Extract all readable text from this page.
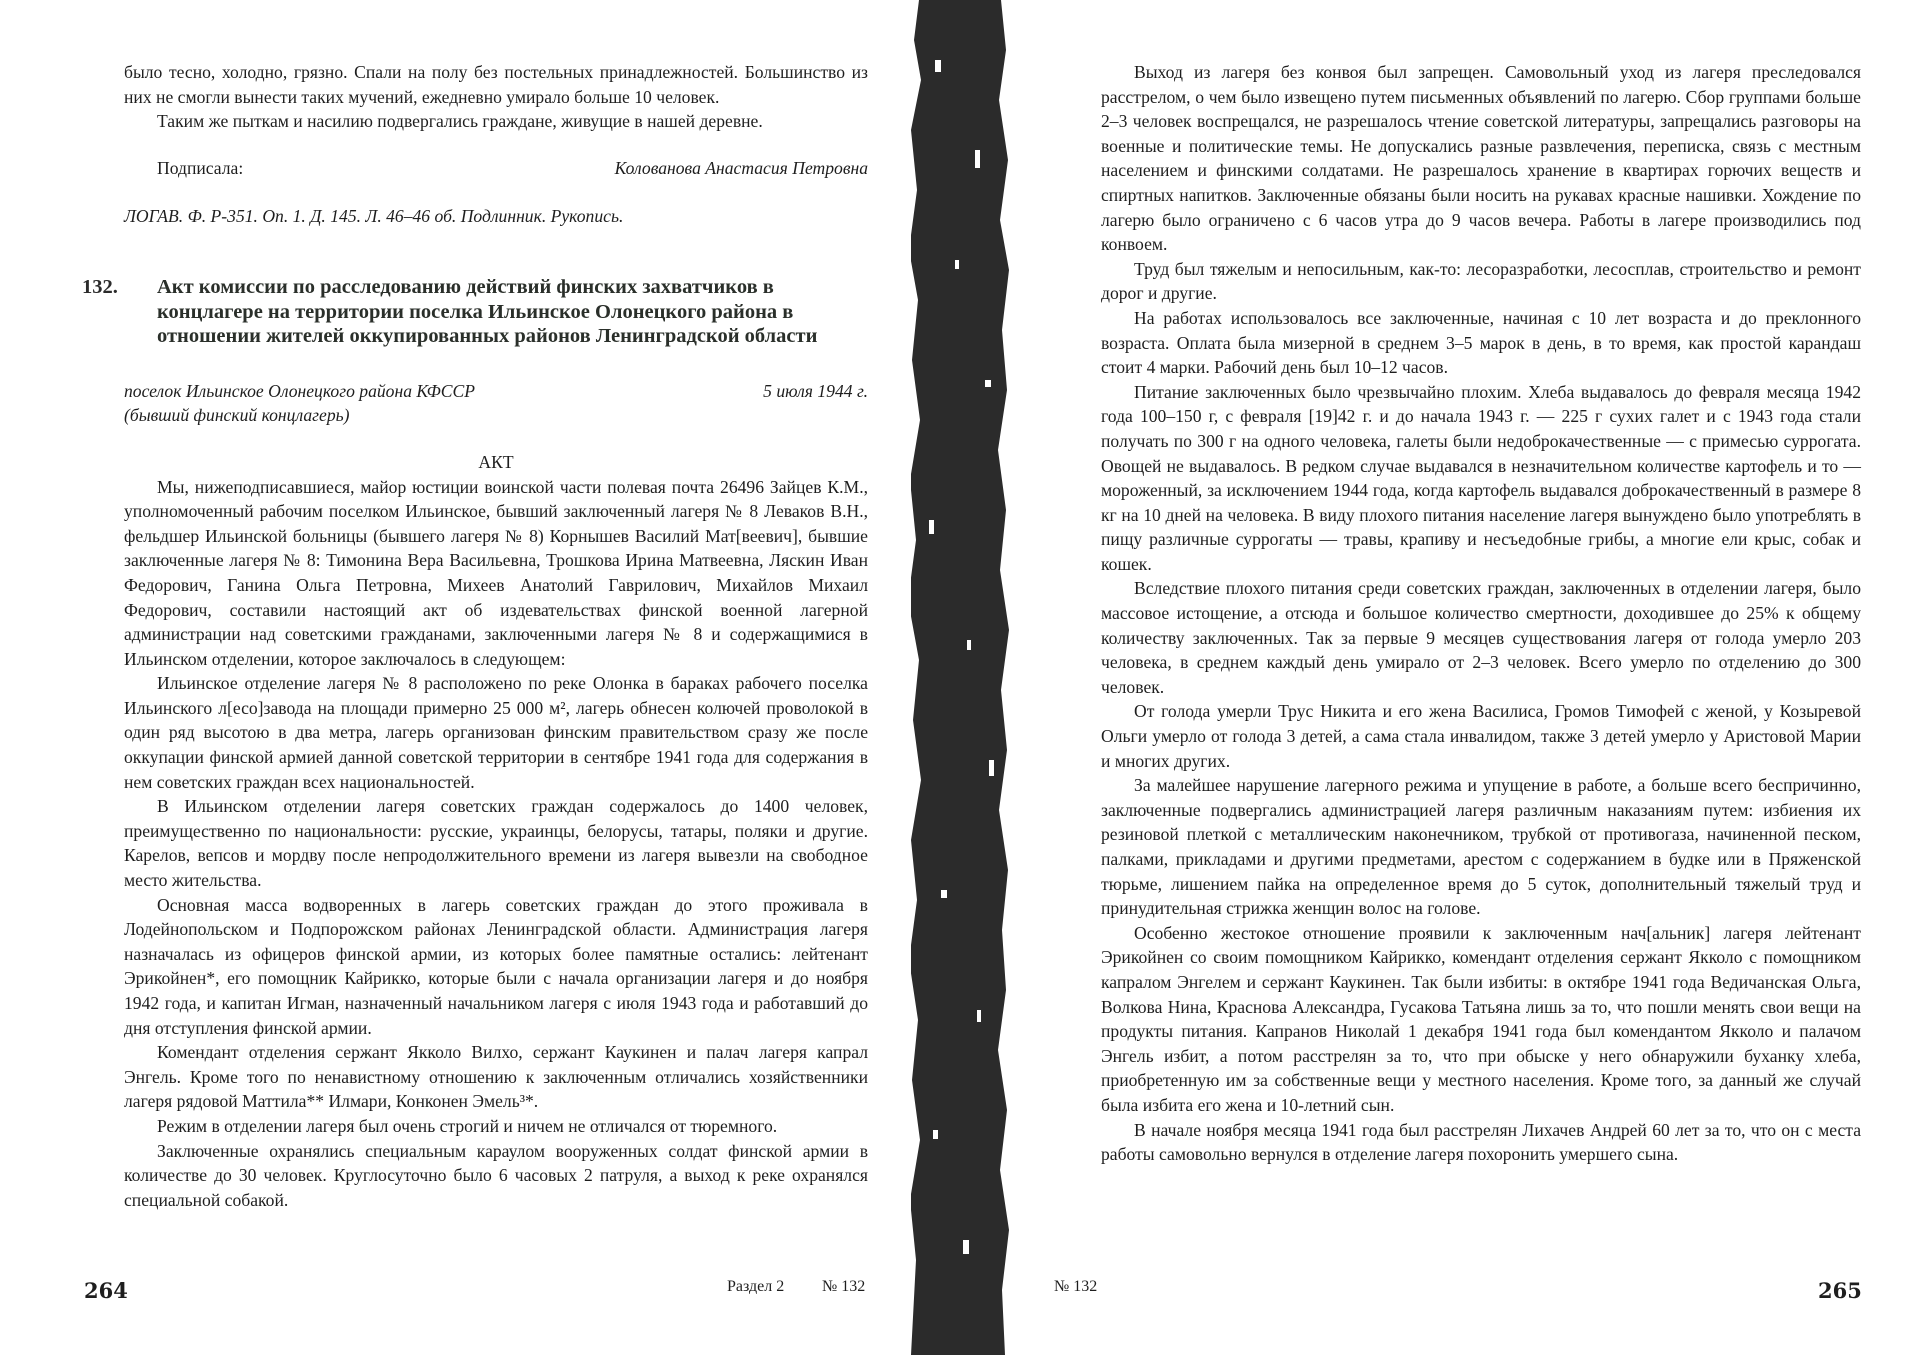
было тесно, холодно, грязно. Спали на полу без постельных принадлежностей. Большинство из них не смогли вынести таких мучений, ежедневно умирало больше 10 человек.

Таким же пыткам и насилию подвергались граждане, живущие в нашей деревне.

Подписала:	Колованова Анастасия Петровна
ЛОГАВ. Ф. Р-351. Оп. 1. Д. 145. Л. 46–46 об. Подлинник. Рукопись.
132.	Акт комиссии по расследованию действий финских захватчиков в концлагере на территории поселка Ильинское Олонецкого района в отношении жителей оккупированных районов Ленинградской области
поселок Ильинское Олонецкого района КФССР	5 июля 1944 г.
(бывший финский концлагерь)
АКТ

Мы, нижеподписавшиеся, майор юстиции воинской части полевая почта 26496 Зайцев К.М., уполномоченный рабочим поселком Ильинское, бывший заключенный лагеря № 8 Леваков В.Н., фельдшер Ильинской больницы (бывшего лагеря № 8) Корнышев Василий Мат[веевич], бывшие заключенные лагеря № 8: Тимонина Вера Васильевна, Трошкова Ирина Матвеевна, Ляскин Иван Федорович, Ганина Ольга Петровна, Михеев Анатолий Гаврилович, Михайлов Михаил Федорович, составили настоящий акт об издевательствах финской военной лагерной администрации над советскими гражданами, заключенными лагеря № 8 и содержащимися в Ильинском отделении, которое заключалось в следующем:

Ильинское отделение лагеря № 8 расположено по реке Олонка в бараках рабочего поселка Ильинского л[есо]завода на площади примерно 25 000 м², лагерь обнесен колючей проволокой в один ряд высотою в два метра, лагерь организован финским правительством сразу же после оккупации финской армией данной советской территории в сентябре 1941 года для содержания в нем советских граждан всех национальностей.

В Ильинском отделении лагеря советских граждан содержалось до 1400 человек, преимущественно по национальности: русские, украинцы, белорусы, татары, поляки и другие. Карелов, вепсов и мордву после непродолжительного времени из лагеря вывезли на свободное место жительства.

Основная масса водворенных в лагерь советских граждан до этого проживала в Лодейнопольском и Подпорожском районах Ленинградской области. Администрация лагеря назначалась из офицеров финской армии, из которых более памятные остались: лейтенант Эрикойнен*, его помощник Кайрикко, которые были с начала организации лагеря и до ноября 1942 года, и капитан Игман, назначенный начальником лагеря с июля 1943 года и работавший до дня отступления финской армии.

Комендант отделения сержант Якколо Вилхо, сержант Каукинен и палач лагеря капрал Энгель. Кроме того по ненавистному отношению к заключенным отличались хозяйственники лагеря рядовой Маттила** Илмари, Конконен Эмель³*.

Режим в отделении лагеря был очень строгий и ничем не отличался от тюремного.

Заключенные охранялись специальным караулом вооруженных солдат финской армии в количестве до 30 человек. Круглосуточно было 6 часовых 2 патруля, а выход к реке охранялся специальной собакой.

264	Раздел 2 № 132

Выход из лагеря без конвоя был запрещен. Самовольный уход из лагеря преследовался расстрелом, о чем было извещено путем письменных объявлений по лагерю. Сбор группами больше 2–3 человек воспрещался, не разрешалось чтение советской литературы, запрещались разговоры на военные и политические темы. Не допускались разные развлечения, переписка, связь с местным населением и финскими солдатами. Не разрешалось хранение в квартирах горючих веществ и спиртных напитков. Заключенные обязаны были носить на рукавах красные нашивки. Хождение по лагерю было ограничено с 6 часов утра до 9 часов вечера. Работы в лагере производились под конвоем.

Труд был тяжелым и непосильным, как-то: лесоразработки, лесосплав, строительство и ремонт дорог и другие.

На работах использовалось все заключенные, начиная с 10 лет возраста и до преклонного возраста. Оплата была мизерной в среднем 3–5 марок в день, в то время, как простой карандаш стоит 4 марки. Рабочий день был 10–12 часов.

Питание заключенных было чрезвычайно плохим. Хлеба выдавалось до февраля месяца 1942 года 100–150 г, с февраля [19]42 г. и до начала 1943 г. — 225 г сухих галет и с 1943 года стали получать по 300 г на одного человека, галеты были недоброкачественные — с примесью суррогата. Овощей не выдавалось. В редком случае выдавался в незначительном количестве картофель и то — мороженный, за исключением 1944 года, когда картофель выдавался доброкачественный в размере 8 кг на 10 дней на человека. В виду плохого питания население лагеря вынуждено было употреблять в пищу различные суррогаты — травы, крапиву и несъедобные грибы, а многие ели крыс, собак и кошек.

Вследствие плохого питания среди советских граждан, заключенных в отделении лагеря, было массовое истощение, а отсюда и большое количество смертности, доходившее до 25% к общему количеству заключенных. Так за первые 9 месяцев существования лагеря от голода умерло 203 человека, в среднем каждый день умирало от 2–3 человек. Всего умерло по отделению до 300 человек.

От голода умерли Трус Никита и его жена Василиса, Громов Тимофей с женой, у Козыревой Ольги умерло от голода 3 детей, а сама стала инвалидом, также 3 детей умерло у Аристовой Марии и многих других.

За малейшее нарушение лагерного режима и упущение в работе, а больше всего беспричинно, заключенные подвергались администрацией лагеря различным наказаниям путем: избиения их резиновой плеткой с металлическим наконечником, трубкой от противогаза, начиненной песком, палками, прикладами и другими предметами, арестом с содержанием в будке или в Пряженской тюрьме, лишением пайка на определенное время до 5 суток, дополнительный тяжелый труд и принудительная стрижка женщин волос на голове.

Особенно жестокое отношение проявили к заключенным нач[альник] лагеря лейтенант Эрикойнен со своим помощником Кайрикко, комендант отделения сержант Якколо с помощником капралом Энгелем и сержант Каукинен. Так были избиты: в октябре 1941 года Ведичанская Ольга, Волкова Нина, Краснова Александра, Гусакова Татьяна лишь за то, что пошли менять свои вещи на продукты питания. Капранов Николай 1 декабря 1941 года был комендантом Якколо и палачом Энгель избит, а потом расстрелян за то, что при обыске у него обнаружили буханку хлеба, приобретенную им за собственные вещи у местного населения. Кроме того, за данный же случай была избита его жена и 10-летний сын.

В начале ноября месяца 1941 года был расстрелян Лихачев Андрей 60 лет за то, что он с места работы самовольно вернулся в отделение лагеря похоронить умершего сына.

№ 132	265
